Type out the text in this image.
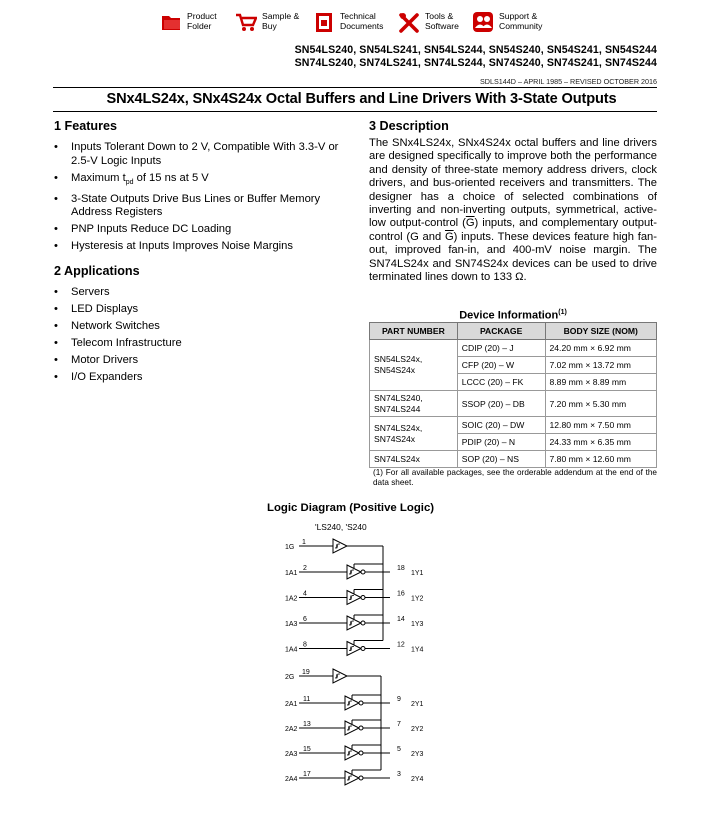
Product
Folder
Sample &
Buy
Technical
Documents
Tools &
Software
Support &
Community
SN54LS240, SN54LS241, SN54LS244, SN54S240, SN54S241, SN54S244
SN74LS240, SN74LS241, SN74LS244, SN74S240, SN74S241, SN74S244
SDLS144D – APRIL 1985 – REVISED OCTOBER 2016
SNx4LS24x, SNx4S24x Octal Buffers and Line Drivers With 3-State Outputs
1 Features
• Inputs Tolerant Down to 2 V, Compatible With 3.3-V or 2.5-V Logic Inputs
• Maximum $t_{pd}$ of 15 ns at 5 V
• 3-State Outputs Drive Bus Lines or Buffer Memory Address Registers
• PNP Inputs Reduce DC Loading
• Hysteresis at Inputs Improves Noise Margins
2 Applications
• Servers
• LED Displays
• Network Switches
• Telecom Infrastructure
• Motor Drivers
• I/O Expanders
3 Description
The SNx4LS24x, SNx4S24x octal buffers and line drivers are designed specifically to improve both the performance and density of three-state memory address drivers, clock drivers, and bus-oriented receivers and transmitters. The designer has a choice of selected combinations of inverting and non-inverting outputs, symmetrical, active-low output-control $(\overline{G})$ inputs, and complementary output-control (G and $\overline{G}$) inputs. These devices feature high fan-out, improved fan-in, and 400-mV noise margin. The SN74LS24x and SN74S24x devices can be used to drive terminated lines down to 133 Ω.
Device Information$^{(1)}$
PART NUMBER	PACKAGE	BODY SIZE (NOM)
SN54LS24x,
SN54S24x	CDIP (20) – J	24.20 mm × 6.92 mm
	CFP (20) – W	7.02 mm × 13.72 mm
	LCCC (20) – FK	8.89 mm × 8.89 mm
SN74LS240,
SN74LS244	SSOP (20) – DB	7.20 mm × 5.30 mm
SN74LS24x,
SN74S24x	SOIC (20) – DW	12.80 mm × 7.50 mm
	PDIP (20) – N	24.33 mm × 6.35 mm
SN74LS24x	SOP (20) – NS	7.80 mm × 12.60 mm
(1) For all available packages, see the orderable addendum at the end of the data sheet.
Logic Diagram (Positive Logic)
'LS240, 'S240
1G
1
1A1
2	18
1Y1
1A2
4	16
1Y2
1A3
6	14
1Y3
1A4
8	12
1Y4
2G
19
2A1
11	9
2Y1
2A2
13	7
2Y2
2A3
15	5
2Y3
2A4
17	3
2Y4
